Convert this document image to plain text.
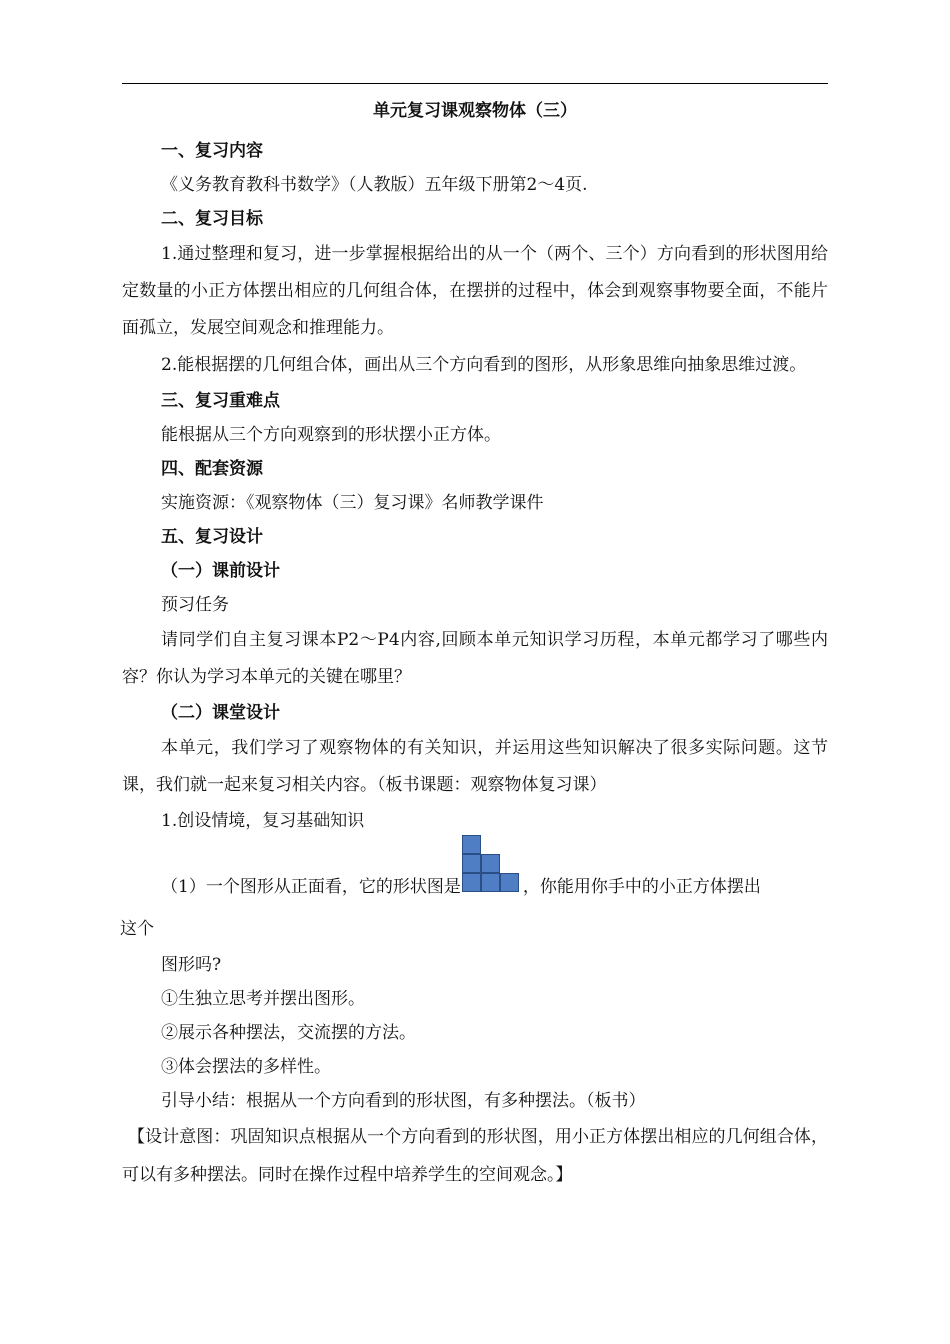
单元复习课观察物体（三）
一、复习内容
《义务教育教科书数学》（人教版）五年级下册第2～4页.
二、复习目标
1.通过整理和复习，进一步掌握根据给出的从一个（两个、三个）方向看到的形状图用给定数量的小正方体摆出相应的几何组合体，在摆拼的过程中，体会到观察事物要全面，不能片面孤立，发展空间观念和推理能力。
2.能根据摆的几何组合体，画出从三个方向看到的图形，从形象思维向抽象思维过渡。
三、复习重难点
能根据从三个方向观察到的形状摆小正方体。
四、配套资源
实施资源：《观察物体（三）复习课》名师教学课件
五、复习设计
（一）课前设计
预习任务
请同学们自主复习课本P2～P4内容,回顾本单元知识学习历程，本单元都学习了哪些内容？你认为学习本单元的关键在哪里？
（二）课堂设计
本单元，我们学习了观察物体的有关知识，并运用这些知识解决了很多实际问题。这节课，我们就一起来复习相关内容。（板书课题：观察物体复习课）
1.创设情境，复习基础知识
（1）一个图形从正面看，它的形状图是	，你能用你手中的小正方体摆出
这个
图形吗?
①生独立思考并摆出图形。
②展示各种摆法，交流摆的方法。
③体会摆法的多样性。
引导小结：根据从一个方向看到的形状图，有多种摆法。（板书）
【设计意图：巩固知识点根据从一个方向看到的形状图，用小正方体摆出相应的几何组合体，可以有多种摆法。同时在操作过程中培养学生的空间观念。】
